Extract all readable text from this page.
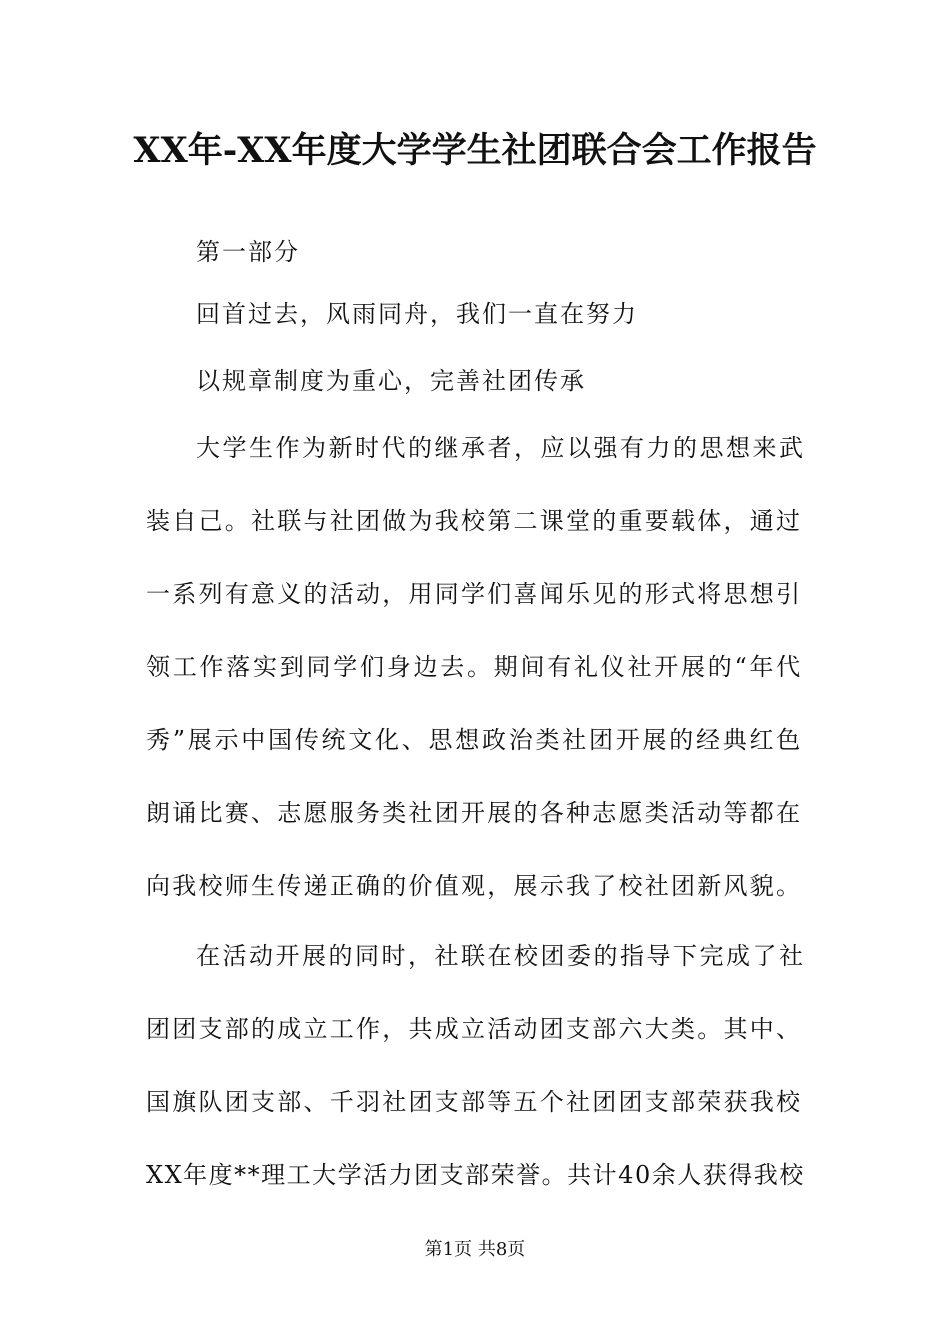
XX年-XX年度大学学生社团联合会工作报告

第一部分

回首过去，风雨同舟，我们一直在努力

以规章制度为重心，完善社团传承

大学生作为新时代的继承者，应以强有力的思想来武
装自己。社联与社团做为我校第二课堂的重要载体，通过
一系列有意义的活动，用同学们喜闻乐见的形式将思想引
领工作落实到同学们身边去。期间有礼仪社开展的“年代
秀”展示中国传统文化、思想政治类社团开展的经典红色
朗诵比赛、志愿服务类社团开展的各种志愿类活动等都在
向我校师生传递正确的价值观，展示我了校社团新风貌。
在活动开展的同时，社联在校团委的指导下完成了社
团团支部的成立工作，共成立活动团支部六大类。其中、
国旗队团支部、千羽社团支部等五个社团团支部荣获我校
XX年度**理工大学活力团支部荣誉。共计40余人获得我校
第1页 共8页
